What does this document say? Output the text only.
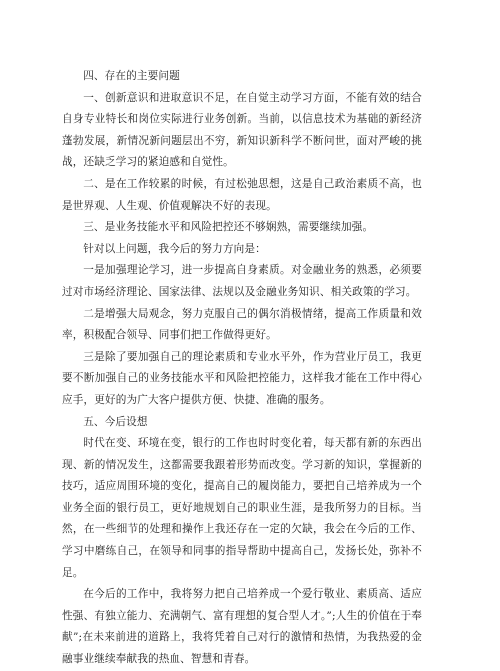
四、存在的主要问题

一、创新意识和进取意识不足，在自觉主动学习方面，不能有效的结合自身专业特长和岗位实际进行业务创新。当前，以信息技术为基础的新经济蓬勃发展，新情况新问题层出不穷，新知识新科学不断问世，面对严峻的挑战，还缺乏学习的紧迫感和自觉性。

二、是在工作较累的时候，有过松弛思想，这是自己政治素质不高，也是世界观、人生观、价值观解决不好的表现。

三、是业务技能水平和风险把控还不够娴熟，需要继续加强。

针对以上问题，我今后的努力方向是：

一是加强理论学习，进一步提高自身素质。对金融业务的熟悉，必须要过对市场经济理论、国家法律、法规以及金融业务知识、相关政策的学习。

二是增强大局观念，努力克服自己的偶尔消极情绪，提高工作质量和效率，积极配合领导、同事们把工作做得更好。

三是除了要加强自己的理论素质和专业水平外，作为营业厅员工，我更要不断加强自己的业务技能水平和风险把控能力，这样我才能在工作中得心应手，更好的为广大客户提供方便、快捷、准确的服务。

五、今后设想

时代在变、环境在变，银行的工作也时时变化着，每天都有新的东西出现、新的情况发生，这都需要我跟着形势而改变。学习新的知识，掌握新的技巧，适应周围环境的变化，提高自己的履岗能力，要把自己培养成为一个业务全面的银行员工，更好地规划自己的职业生涯，是我所努力的目标。当然，在一些细节的处理和操作上我还存在一定的欠缺，我会在今后的工作、学习中磨练自己，在领导和同事的指导帮助中提高自己，发扬长处，弥补不足。

在今后的工作中，我将努力把自己培养成一个爱行敬业、素质高、适应性强、有独立能力、充满朝气、富有理想的复合型人才。”;人生的价值在于奉献”;在未来前进的道路上，我将凭着自己对行的激情和热情，为我热爱的金融事业继续奉献我的热血、智慧和青春。
